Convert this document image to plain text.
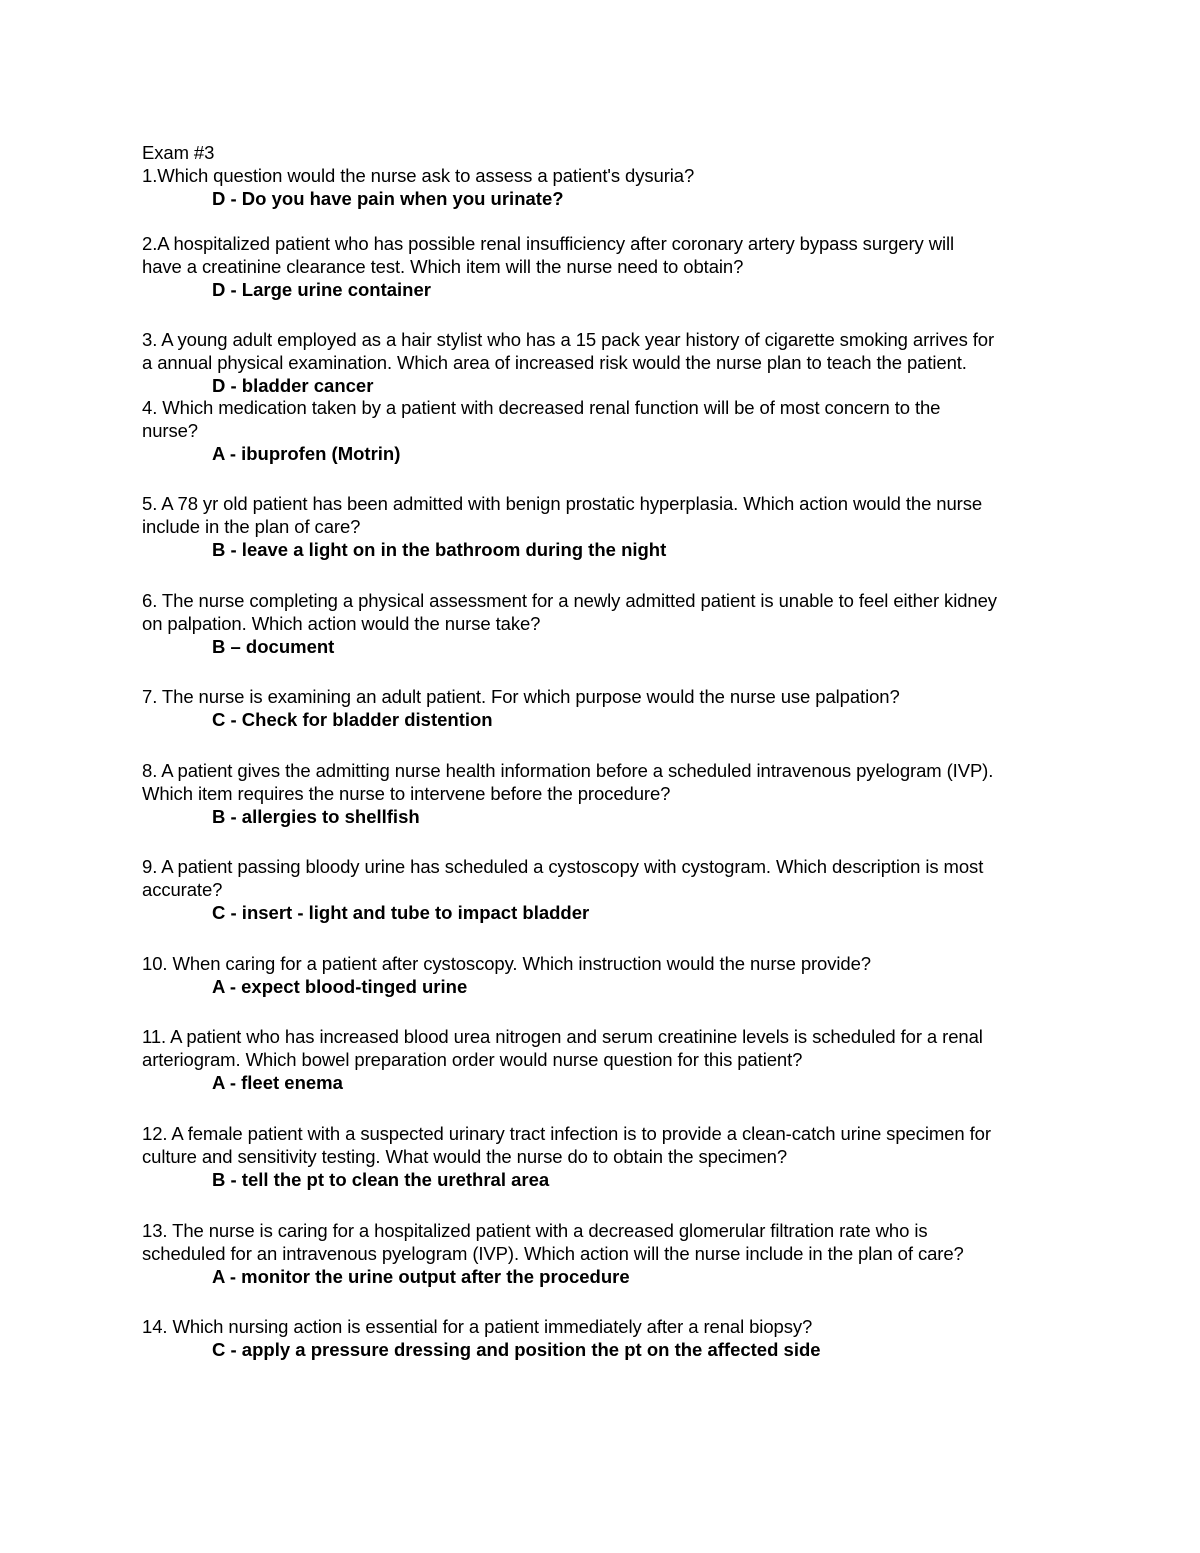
Exam #3
1.Which question would the nurse ask to assess a patient's dysuria?
D - Do you have pain when you urinate?
2.A hospitalized patient who has possible renal insufficiency after coronary artery bypass surgery will
have a creatinine clearance test. Which item will the nurse need to obtain?
D - Large urine container
3. A young adult employed as a hair stylist who has a 15 pack year history of cigarette smoking arrives for
a annual physical examination. Which area of increased risk would the nurse plan to teach the patient.
D - bladder cancer
4. Which medication taken by a patient with decreased renal function will be of most concern to the
nurse?
A - ibuprofen (Motrin)
5. A 78 yr old patient has been admitted with benign prostatic hyperplasia. Which action would the nurse
include in the plan of care?
B - leave a light on in the bathroom during the night
6. The nurse completing a physical assessment for a newly admitted patient is unable to feel either kidney
on palpation. Which action would the nurse take?
B – document
7. The nurse is examining an adult patient. For which purpose would the nurse use palpation?
C - Check for bladder distention
8. A patient gives the admitting nurse health information before a scheduled intravenous pyelogram (IVP).
Which item requires the nurse to intervene before the procedure?
B - allergies to shellfish
9. A patient passing bloody urine has scheduled a cystoscopy with cystogram. Which description is most
accurate?
C - insert - light and tube to impact bladder
10. When caring for a patient after cystoscopy. Which instruction would the nurse provide?
A - expect blood-tinged urine
11. A patient who has increased blood urea nitrogen and serum creatinine levels is scheduled for a renal
arteriogram. Which bowel preparation order would nurse question for this patient?
A - fleet enema
12. A female patient with a suspected urinary tract infection is to provide a clean-catch urine specimen for
culture and sensitivity testing. What would the nurse do to obtain the specimen?
B - tell the pt to clean the urethral area
13. The nurse is caring for a hospitalized patient with a decreased glomerular filtration rate who is
scheduled for an intravenous pyelogram (IVP). Which action will the nurse include in the plan of care?
A - monitor the urine output after the procedure
14. Which nursing action is essential for a patient immediately after a renal biopsy?
C - apply a pressure dressing and position the pt on the affected side
